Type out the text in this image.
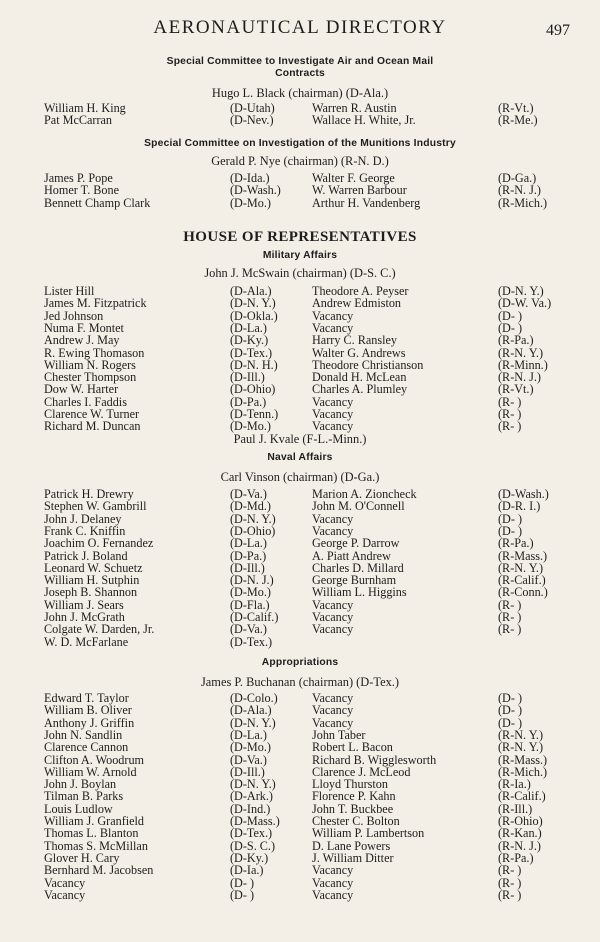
AERONAUTICAL DIRECTORY	497
Special Committee to Investigate Air and Ocean Mail
Contracts
Hugo L. Black (chairman) (D-Ala.)
William H. King	(D-Utah)	Warren R. Austin	(R-Vt.)
Pat McCarran	(D-Nev.)	Wallace H. White, Jr.	(R-Me.)
Special Committee on Investigation of the Munitions Industry
Gerald P. Nye (chairman) (R-N. D.)
James P. Pope	(D-Ida.)	Walter F. George	(D-Ga.)
Homer T. Bone	(D-Wash.)	W. Warren Barbour	(R-N. J.)
Bennett Champ Clark	(D-Mo.)	Arthur H. Vandenberg	(R-Mich.)
HOUSE OF REPRESENTATIVES
Military Affairs
John J. McSwain (chairman) (D-S. C.)
Lister Hill	(D-Ala.)	Theodore A. Peyser	(D-N. Y.)
James M. Fitzpatrick	(D-N. Y.)	Andrew Edmiston	(D-W. Va.)
Jed Johnson	(D-Okla.)	Vacancy	(D- )
Numa F. Montet	(D-La.)	Vacancy	(D- )
Andrew J. May	(D-Ky.)	Harry C. Ransley	(R-Pa.)
R. Ewing Thomason	(D-Tex.)	Walter G. Andrews	(R-N. Y.)
William N. Rogers	(D-N. H.)	Theodore Christianson	(R-Minn.)
Chester Thompson	(D-Ill.)	Donald H. McLean	(R-N. J.)
Dow W. Harter	(D-Ohio)	Charles A. Plumley	(R-Vt.)
Charles I. Faddis	(D-Pa.)	Vacancy	(R- )
Clarence W. Turner	(D-Tenn.)	Vacancy	(R- )
Richard M. Duncan	(D-Mo.)	Vacancy	(R- )
Paul J. Kvale (F-L.-Minn.)
Naval Affairs
Carl Vinson (chairman) (D-Ga.)
Patrick H. Drewry	(D-Va.)	Marion A. Zioncheck	(D-Wash.)
Stephen W. Gambrill	(D-Md.)	John M. O'Connell	(D-R. I.)
John J. Delaney	(D-N. Y.)	Vacancy	(D- )
Frank C. Kniffin	(D-Ohio)	Vacancy	(D- )
Joachim O. Fernandez	(D-La.)	George P. Darrow	(R-Pa.)
Patrick J. Boland	(D-Pa.)	A. Piatt Andrew	(R-Mass.)
Leonard W. Schuetz	(D-Ill.)	Charles D. Millard	(R-N. Y.)
William H. Sutphin	(D-N. J.)	George Burnham	(R-Calif.)
Joseph B. Shannon	(D-Mo.)	William L. Higgins	(R-Conn.)
William J. Sears	(D-Fla.)	Vacancy	(R- )
John J. McGrath	(D-Calif.)	Vacancy	(R- )
Colgate W. Darden, Jr.	(D-Va.)	Vacancy	(R- )
W. D. McFarlane	(D-Tex.)
Appropriations
James P. Buchanan (chairman) (D-Tex.)
Edward T. Taylor	(D-Colo.)	Vacancy	(D- )
William B. Oliver	(D-Ala.)	Vacancy	(D- )
Anthony J. Griffin	(D-N. Y.)	Vacancy	(D- )
John N. Sandlin	(D-La.)	John Taber	(R-N. Y.)
Clarence Cannon	(D-Mo.)	Robert L. Bacon	(R-N. Y.)
Clifton A. Woodrum	(D-Va.)	Richard B. Wigglesworth	(R-Mass.)
William W. Arnold	(D-Ill.)	Clarence J. McLeod	(R-Mich.)
John J. Boylan	(D-N. Y.)	Lloyd Thurston	(R-Ia.)
Tilman B. Parks	(D-Ark.)	Florence P. Kahn	(R-Calif.)
Louis Ludlow	(D-Ind.)	John T. Buckbee	(R-Ill.)
William J. Granfield	(D-Mass.)	Chester C. Bolton	(R-Ohio)
Thomas L. Blanton	(D-Tex.)	William P. Lambertson	(R-Kan.)
Thomas S. McMillan	(D-S. C.)	D. Lane Powers	(R-N. J.)
Glover H. Cary	(D-Ky.)	J. William Ditter	(R-Pa.)
Bernhard M. Jacobsen	(D-Ia.)	Vacancy	(R- )
Vacancy	(D- )	Vacancy	(R- )
Vacancy	(D- )	Vacancy	(R- )
